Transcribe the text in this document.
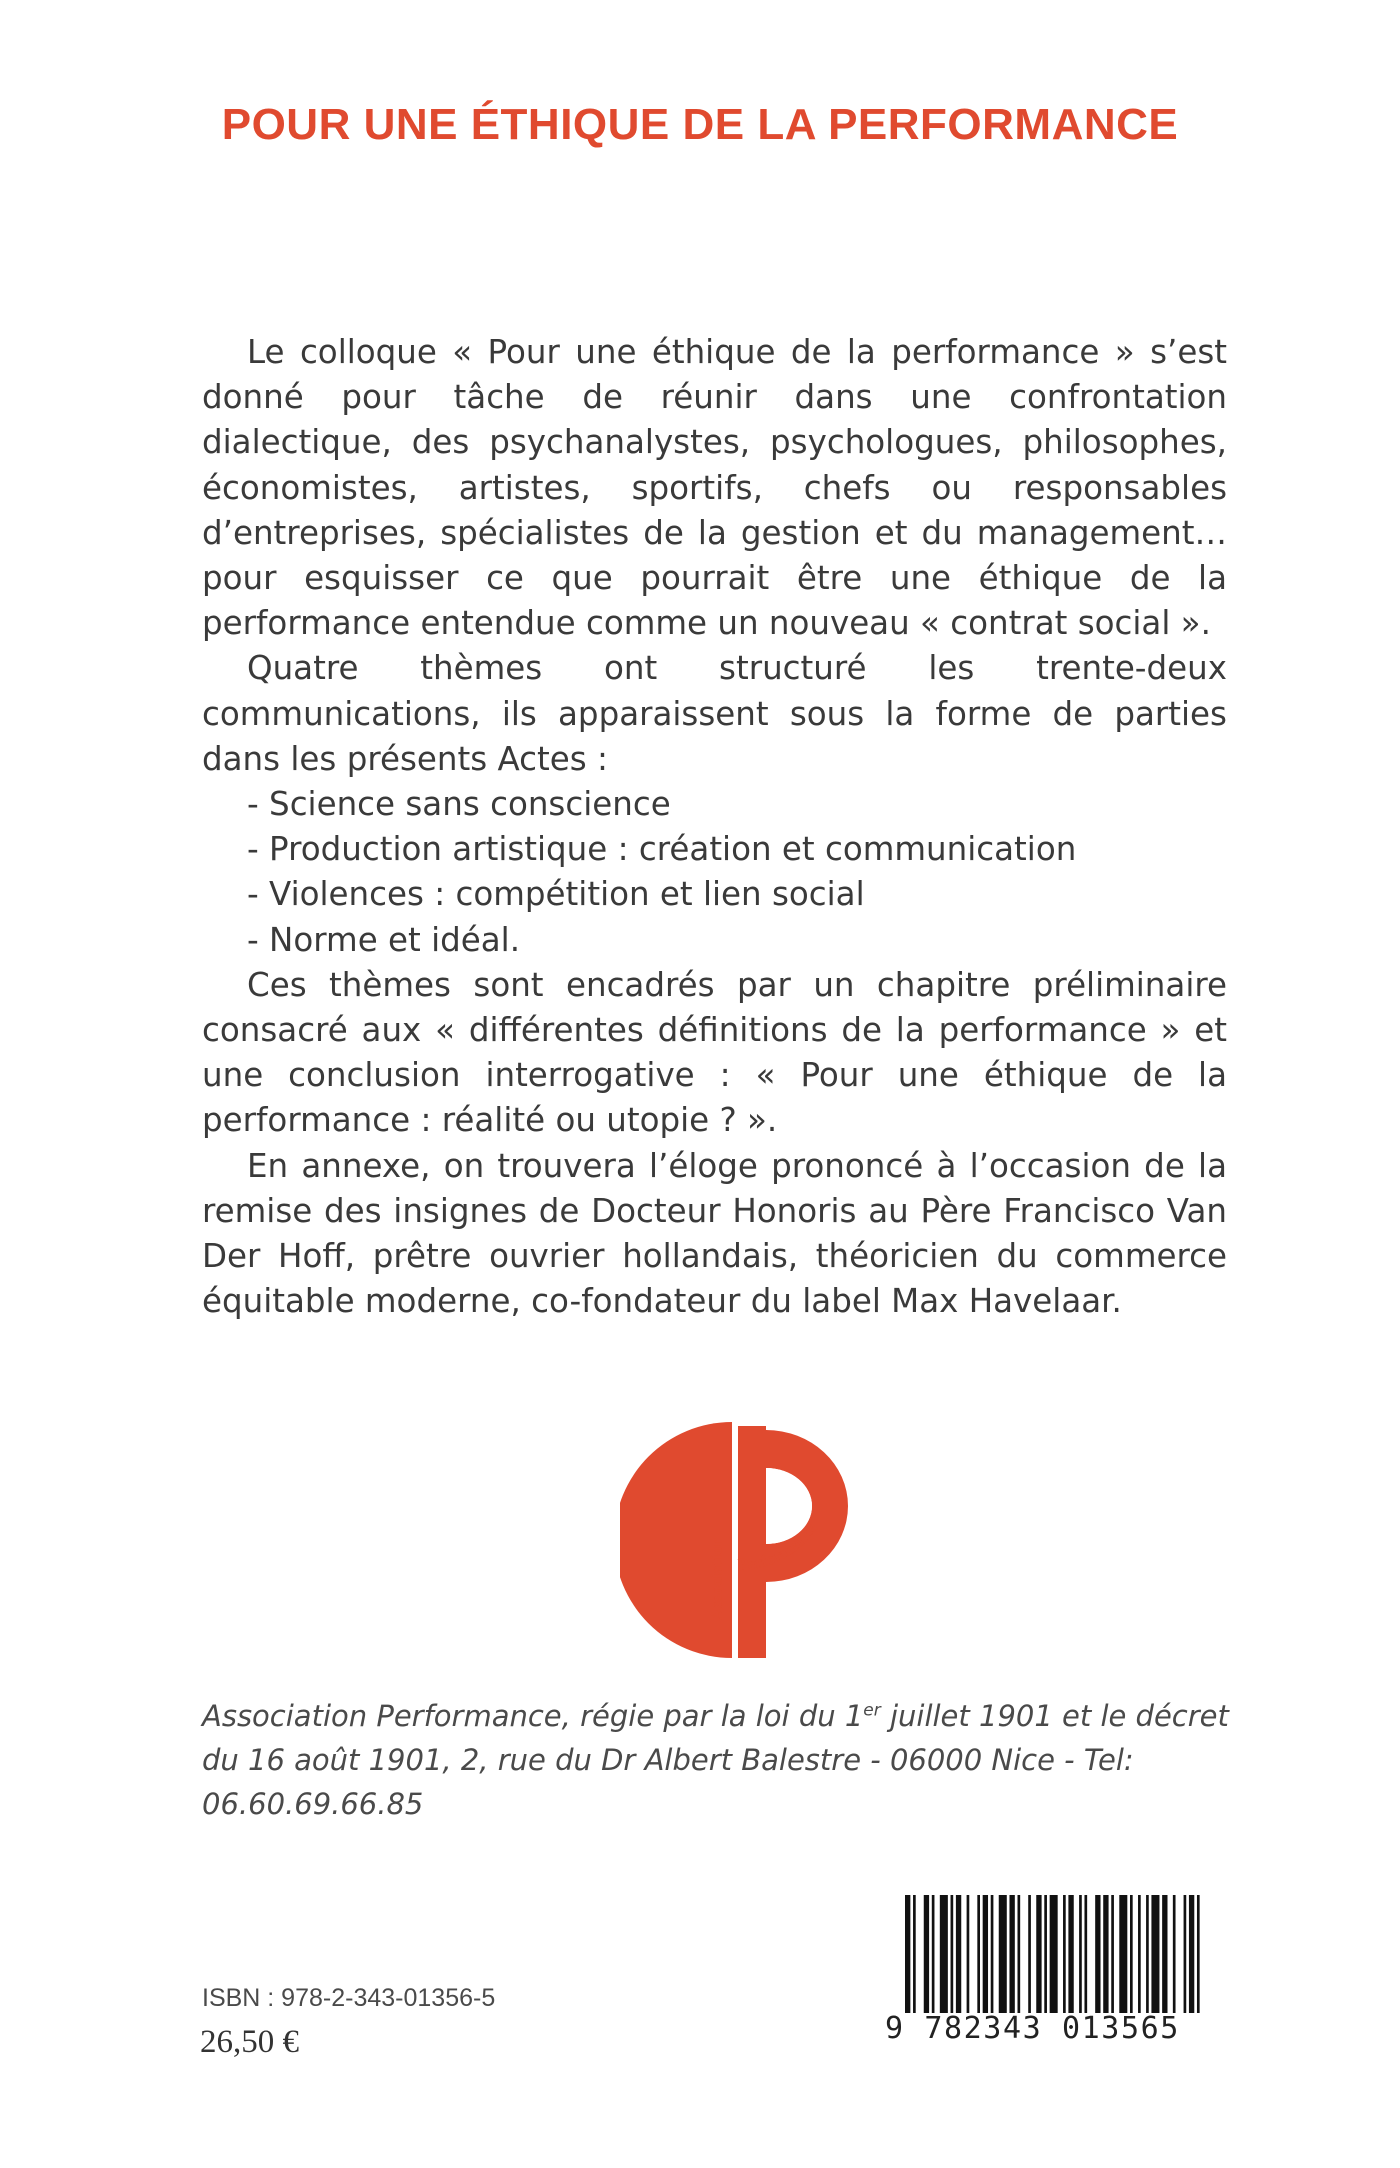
POUR UNE ÉTHIQUE DE LA PERFORMANCE

Le colloque « Pour une éthique de la performance » s’est donné pour tâche de réunir dans une confrontation dialectique, des psychanalystes, psychologues, philosophes, économistes, artistes, sportifs, chefs ou responsables d’entreprises, spécialistes de la gestion et du management… pour esquisser ce que pourrait être une éthique de la performance entendue comme un nouveau « contrat social ».

Quatre thèmes ont structuré les trente-deux communications, ils apparaissent sous la forme de parties dans les présents Actes :

- Science sans conscience
- Production artistique : création et communication
- Violences : compétition et lien social
- Norme et idéal.

Ces thèmes sont encadrés par un chapitre préliminaire consacré aux « différentes définitions de la performance » et une conclusion interrogative : « Pour une éthique de la performance : réalité ou utopie ? ».

En annexe, on trouvera l’éloge prononcé à l’occasion de la remise des insignes de Docteur Honoris au Père Francisco Van Der Hoff, prêtre ouvrier hollandais, théoricien du commerce équitable moderne, co-fondateur du label Max Havelaar.

Association Performance
Association Performance, régie par la loi du 1er juillet 1901 et le décret du 16 août 1901, 2, rue du Dr Albert Balestre - 06000 Nice - Tel: 06.60.69.66.85
ISBN : 978-2-343-01356-5
26,50 €	9 782343 013565
